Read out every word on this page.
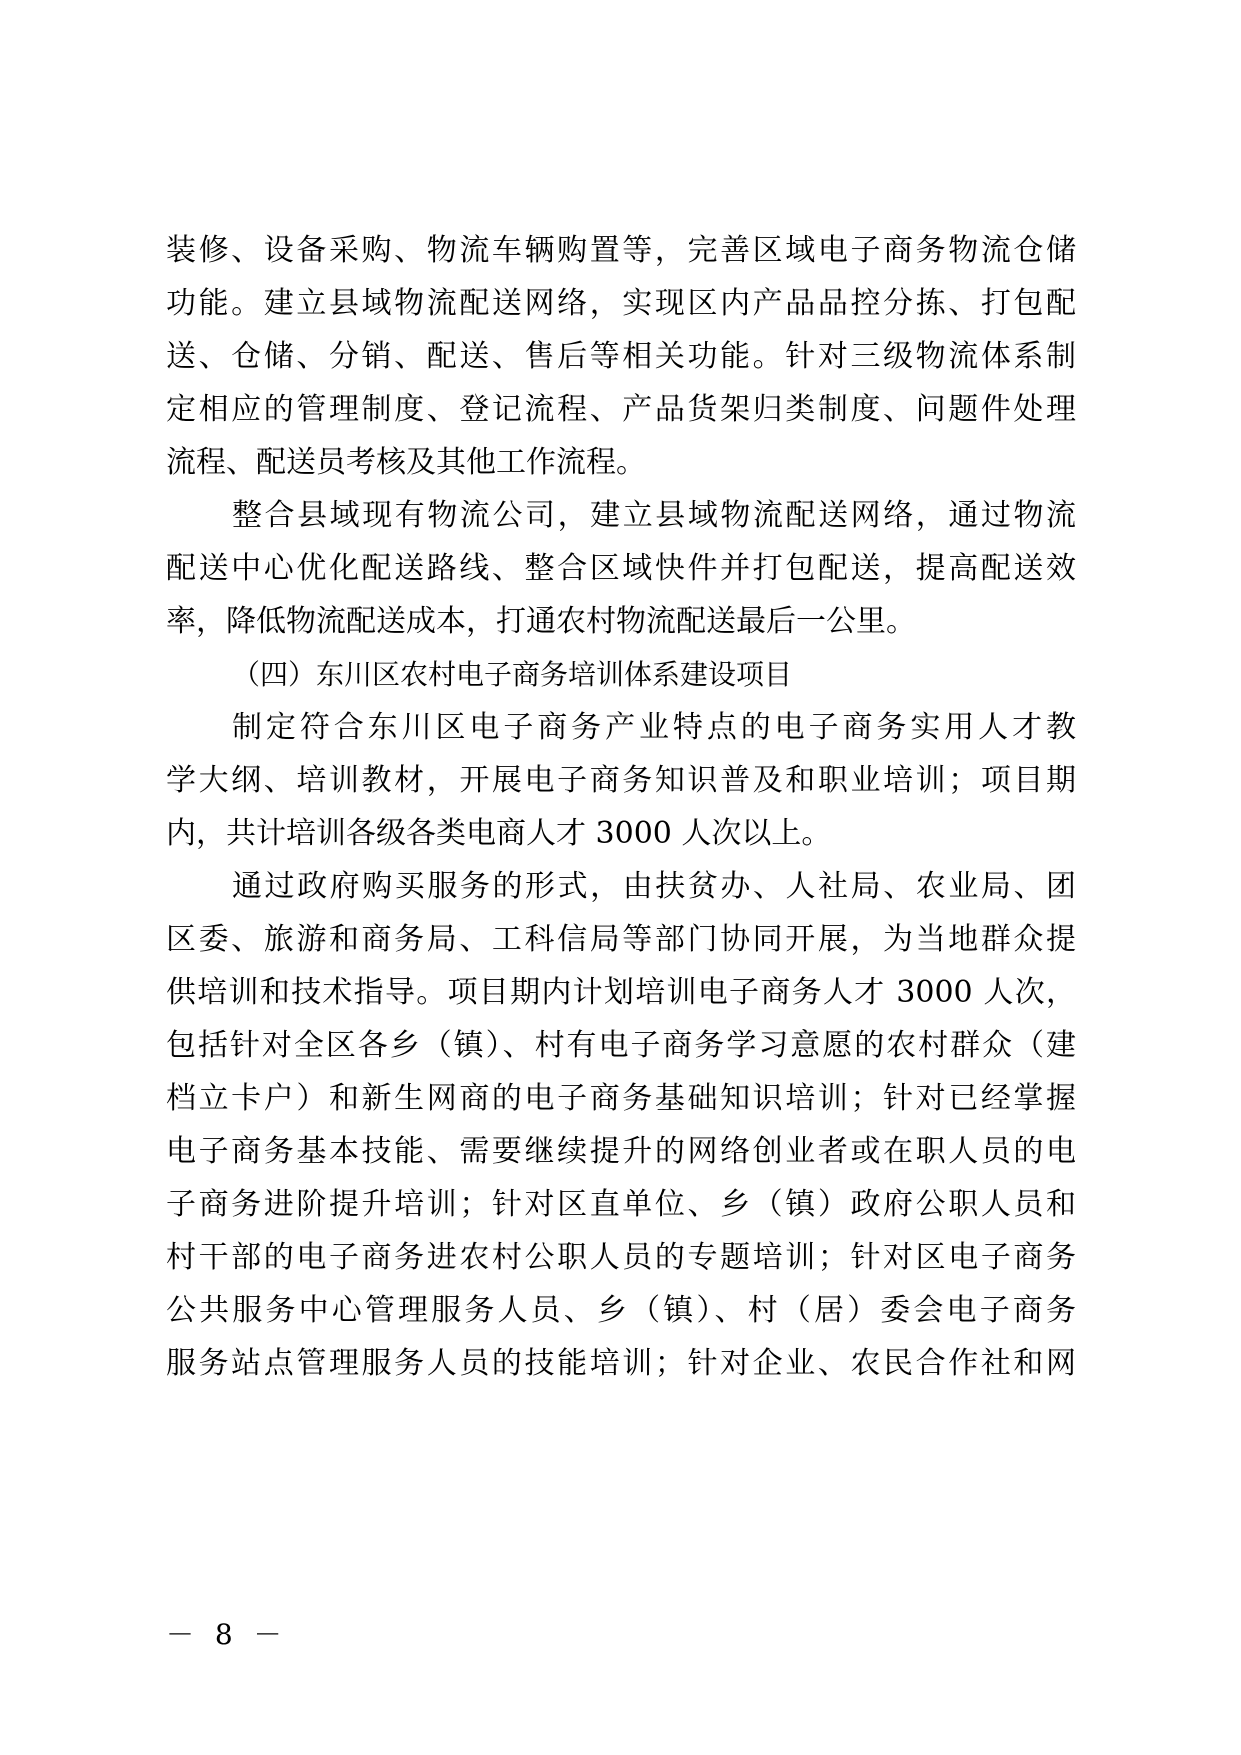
装修、设备采购、物流车辆购置等，完善区域电子商务物流仓储
功能。建立县域物流配送网络，实现区内产品品控分拣、打包配
送、仓储、分销、配送、售后等相关功能。针对三级物流体系制
定相应的管理制度、登记流程、产品货架归类制度、问题件处理
流程、配送员考核及其他工作流程。
整合县域现有物流公司，建立县域物流配送网络，通过物流
配送中心优化配送路线、整合区域快件并打包配送，提高配送效
率，降低物流配送成本，打通农村物流配送最后一公里。
（四）东川区农村电子商务培训体系建设项目
制定符合东川区电子商务产业特点的电子商务实用人才教
学大纲、培训教材，开展电子商务知识普及和职业培训；项目期
内，共计培训各级各类电商人才 3000 人次以上。
通过政府购买服务的形式，由扶贫办、人社局、农业局、团
区委、旅游和商务局、工科信局等部门协同开展，为当地群众提
供培训和技术指导。项目期内计划培训电子商务人才 3000 人次，
包括针对全区各乡（镇）、村有电子商务学习意愿的农村群众（建
档立卡户）和新生网商的电子商务基础知识培训；针对已经掌握
电子商务基本技能、需要继续提升的网络创业者或在职人员的电
子商务进阶提升培训；针对区直单位、乡（镇）政府公职人员和
村干部的电子商务进农村公职人员的专题培训；针对区电子商务
公共服务中心管理服务人员、乡（镇）、村（居）委会电子商务
服务站点管理服务人员的技能培训；针对企业、农民合作社和网
－ 8 －
